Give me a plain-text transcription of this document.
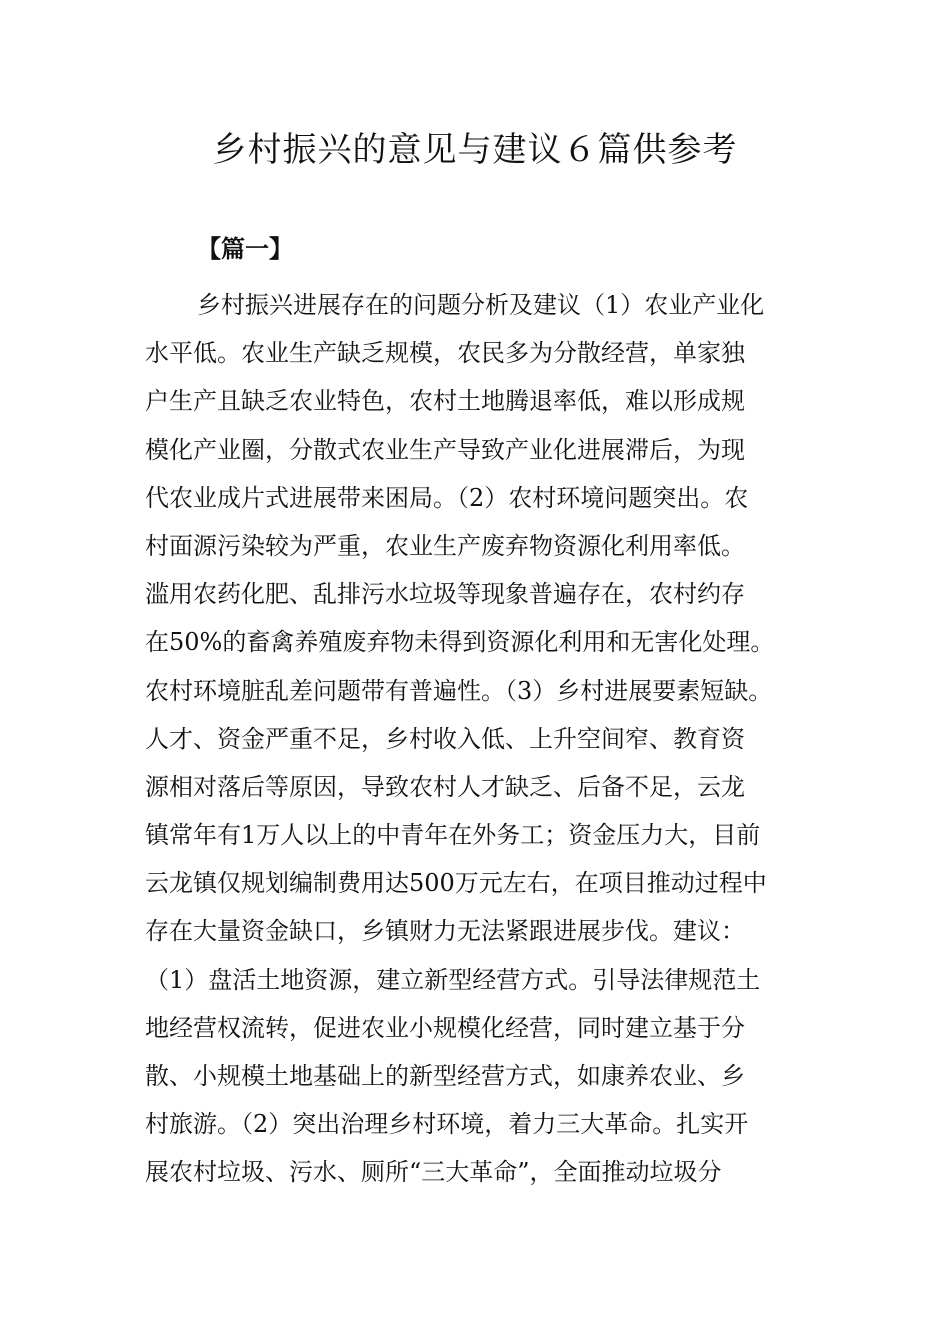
乡村振兴的意见与建议６篇供参考

【篇一】

乡村振兴进展存在的问题分析及建议（1）农业产业化
水平低。农业生产缺乏规模，农民多为分散经营，单家独
户生产且缺乏农业特色，农村土地腾退率低，难以形成规
模化产业圈，分散式农业生产导致产业化进展滞后，为现
代农业成片式进展带来困局。（2）农村环境问题突出。农
村面源污染较为严重，农业生产废弃物资源化利用率低。
滥用农药化肥、乱排污水垃圾等现象普遍存在，农村约存
在50%的畜禽养殖废弃物未得到资源化利用和无害化处理。
农村环境脏乱差问题带有普遍性。（3）乡村进展要素短缺。
人才、资金严重不足，乡村收入低、上升空间窄、教育资
源相对落后等原因，导致农村人才缺乏、后备不足，云龙
镇常年有1万人以上的中青年在外务工；资金压力大，目前
云龙镇仅规划编制费用达500万元左右，在项目推动过程中
存在大量资金缺口，乡镇财力无法紧跟进展步伐。建议：
（1）盘活土地资源，建立新型经营方式。引导法律规范土
地经营权流转，促进农业小规模化经营，同时建立基于分
散、小规模土地基础上的新型经营方式，如康养农业、乡
村旅游。（2）突出治理乡村环境，着力三大革命。扎实开
展农村垃圾、污水、厕所“三大革命”，全面推动垃圾分
